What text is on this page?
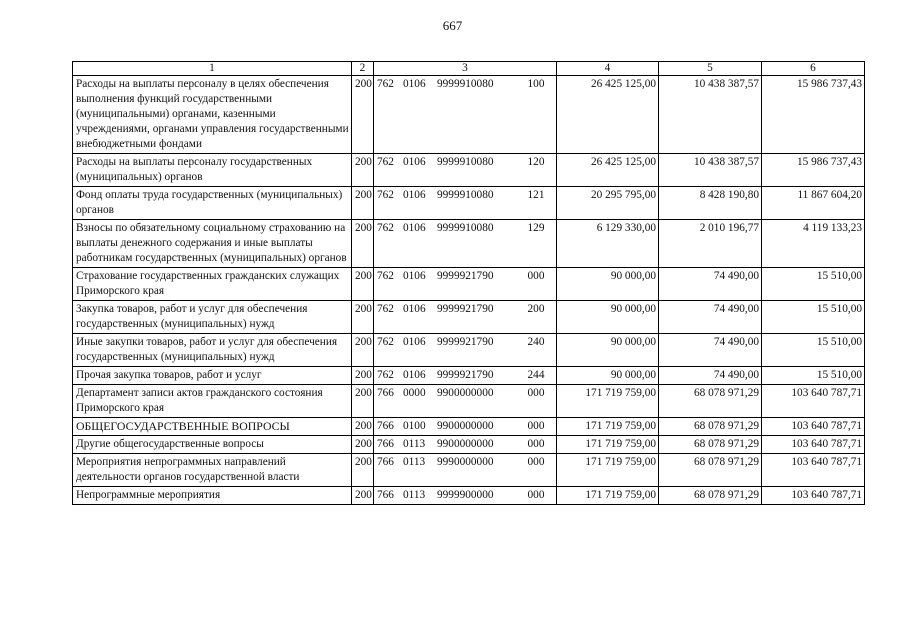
667
1	2	3	4	5	6
Расходы на выплаты персоналу в целях обеспечения выполнения функций государственными (муниципальными) органами, казенными учреждениями, органами управления государственными внебюджетными фондами	200	762 0106 9999910080 100	26 425 125,00	10 438 387,57	15 986 737,43
Расходы на выплаты персоналу государственных (муниципальных) органов	200	762 0106 9999910080 120	26 425 125,00	10 438 387,57	15 986 737,43
Фонд оплаты труда государственных (муниципальных) органов	200	762 0106 9999910080 121	20 295 795,00	8 428 190,80	11 867 604,20
Взносы по обязательному социальному страхованию на выплаты денежного содержания и иные выплаты работникам государственных (муниципальных) органов	200	762 0106 9999910080 129	6 129 330,00	2 010 196,77	4 119 133,23
Страхование государственных гражданских служащих Приморского края	200	762 0106 9999921790 000	90 000,00	74 490,00	15 510,00
Закупка товаров, работ и услуг для обеспечения государственных (муниципальных) нужд	200	762 0106 9999921790 200	90 000,00	74 490,00	15 510,00
Иные закупки товаров, работ и услуг для обеспечения государственных (муниципальных) нужд	200	762 0106 9999921790 240	90 000,00	74 490,00	15 510,00
Прочая закупка товаров, работ и услуг	200	762 0106 9999921790 244	90 000,00	74 490,00	15 510,00
Департамент записи актов гражданского состояния Приморского края	200	766 0000 9900000000 000	171 719 759,00	68 078 971,29	103 640 787,71
ОБЩЕГОСУДАРСТВЕННЫЕ ВОПРОСЫ	200	766 0100 9900000000 000	171 719 759,00	68 078 971,29	103 640 787,71
Другие общегосударственные вопросы	200	766 0113 9900000000 000	171 719 759,00	68 078 971,29	103 640 787,71
Мероприятия непрограммных направлений деятельности органов государственной власти	200	766 0113 9990000000 000	171 719 759,00	68 078 971,29	103 640 787,71
Непрограммные мероприятия	200	766 0113 9999900000 000	171 719 759,00	68 078 971,29	103 640 787,71
